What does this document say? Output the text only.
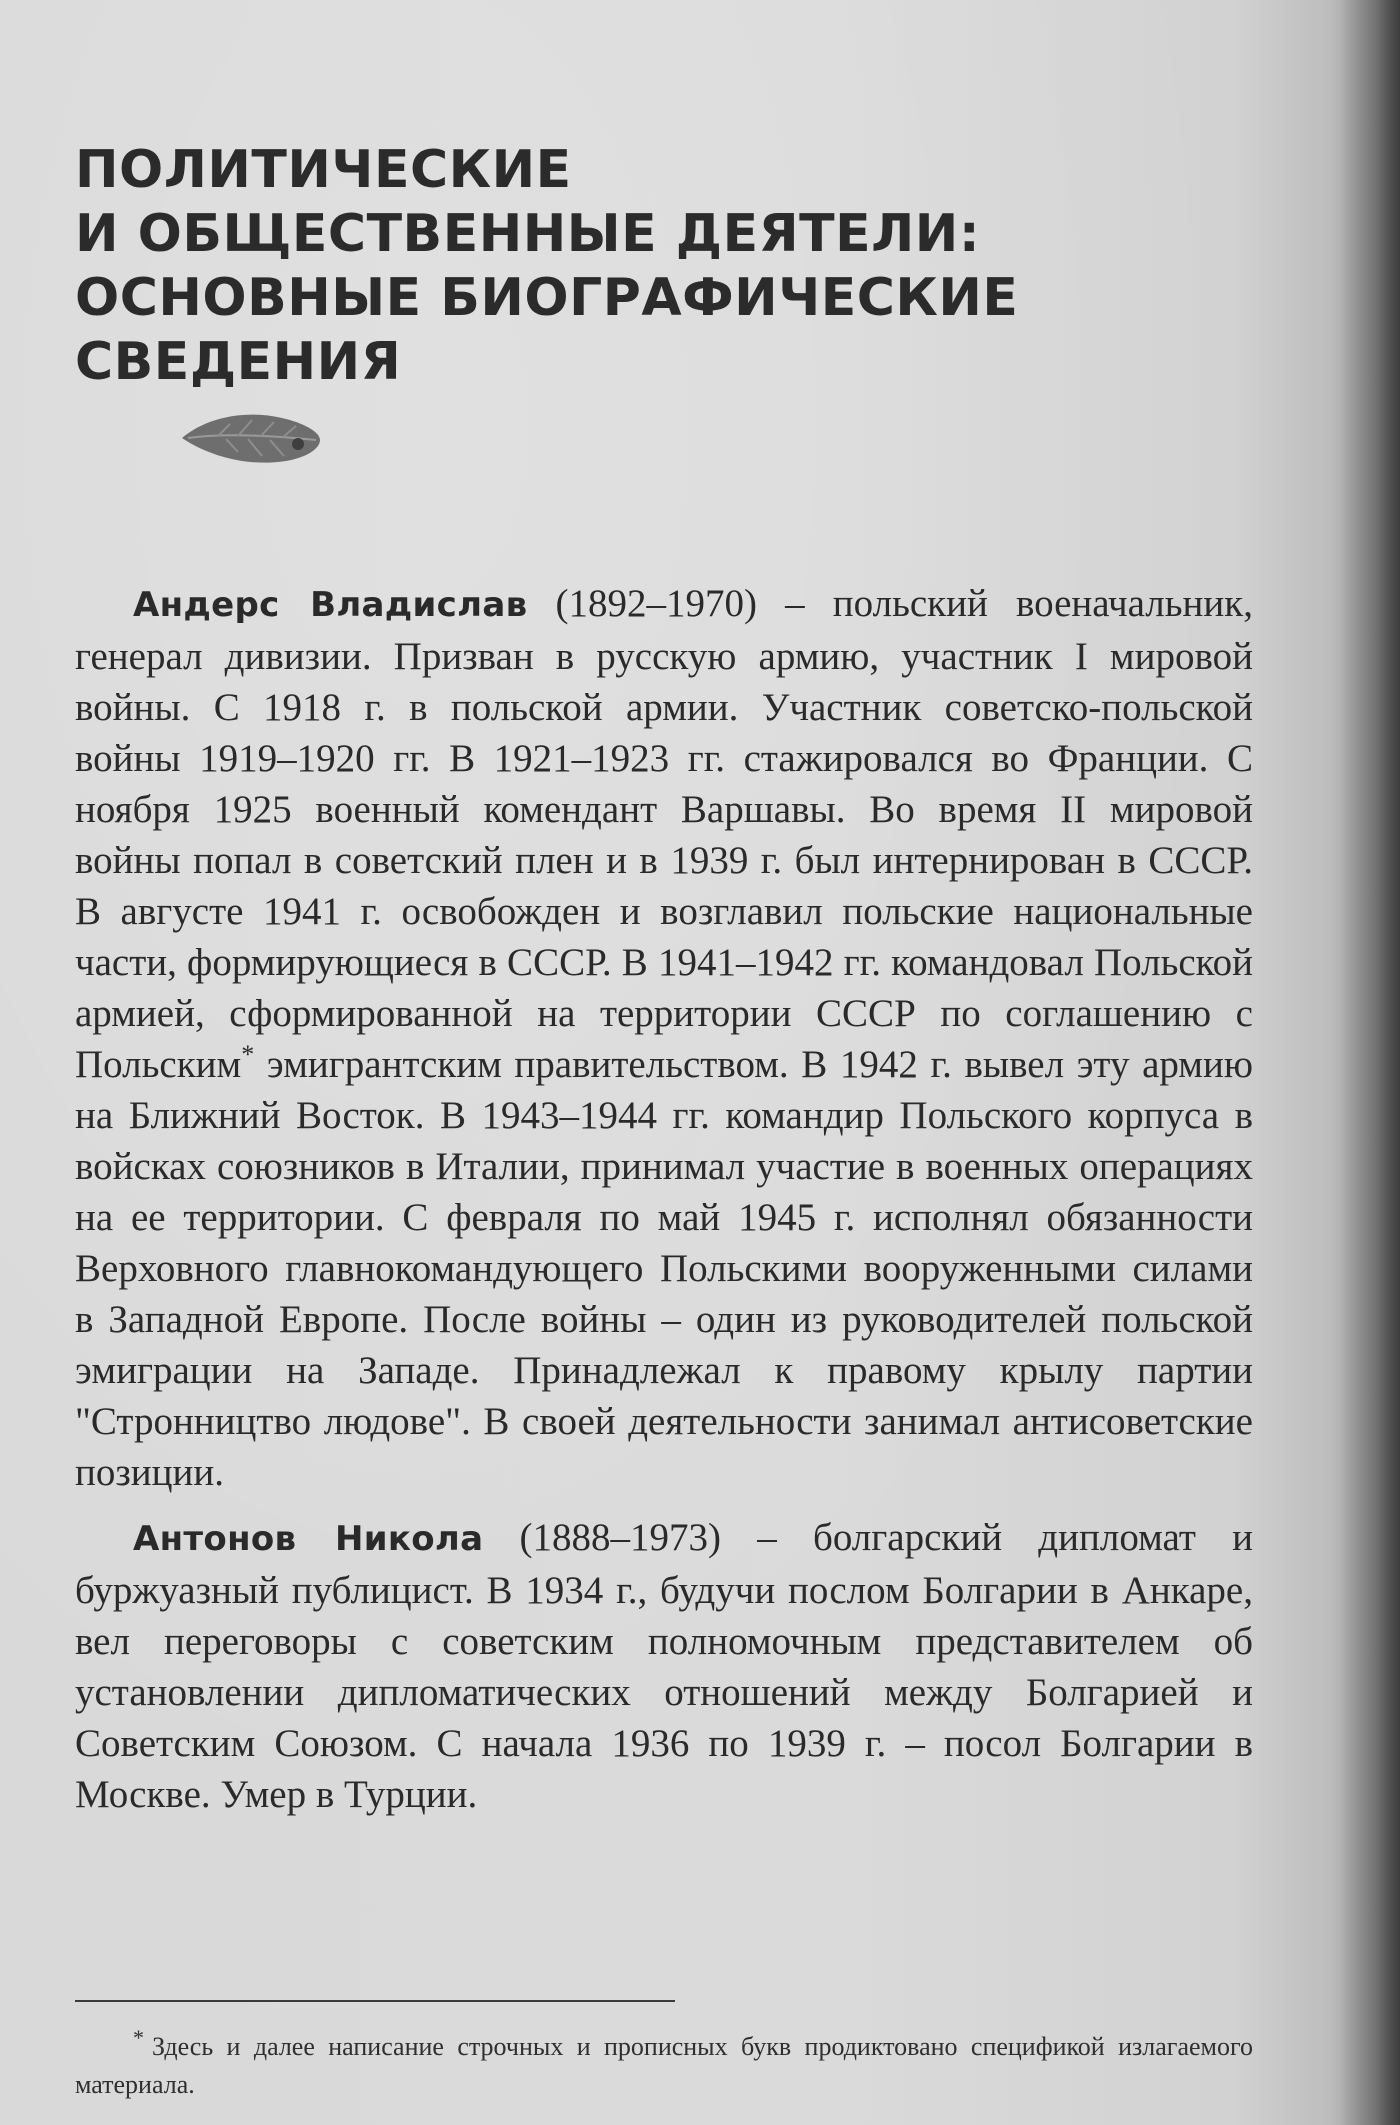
ПОЛИТИЧЕСКИЕ
И ОБЩЕСТВЕННЫЕ ДЕЯТЕЛИ:
ОСНОВНЫЕ БИОГРАФИЧЕСКИЕ
СВЕДЕНИЯ

Андерс Владислав (1892–1970) – польский военачальник, генерал дивизии. Призван в русскую армию, участник I мировой войны. С 1918 г. в польской армии. Участник советско-польской войны 1919–1920 гг. В 1921–1923 гг. стажировался во Франции. С ноября 1925 военный комендант Варшавы. Во время II мировой войны попал в советский плен и в 1939 г. был интернирован в СССР. В августе 1941 г. освобожден и возглавил польские национальные части, формирующиеся в СССР. В 1941–1942 гг. командовал Польской армией, сформированной на территории СССР по соглашению с Польским* эмигрантским правительством. В 1942 г. вывел эту армию на Ближний Восток. В 1943–1944 гг. командир Польского корпуса в войсках союзников в Италии, принимал участие в военных операциях на ее территории. С февраля по май 1945 г. исполнял обязанности Верховного главнокомандующего Польскими вооруженными силами в Западной Европе. После войны – один из руководителей польской эмиграции на Западе. Принадлежал к правому крылу партии "Стронництво людове". В своей деятельности занимал антисоветские позиции.

Антонов Никола (1888–1973) – болгарский дипломат и буржуазный публицист. В 1934 г., будучи послом Болгарии в Анкаре, вел переговоры с советским полномочным представителем об установлении дипломатических отношений между Болгарией и Советским Союзом. С начала 1936 по 1939 г. – посол Болгарии в Москве. Умер в Турции.

* Здесь и далее написание строчных и прописных букв продиктовано спецификой излагаемого материала.
